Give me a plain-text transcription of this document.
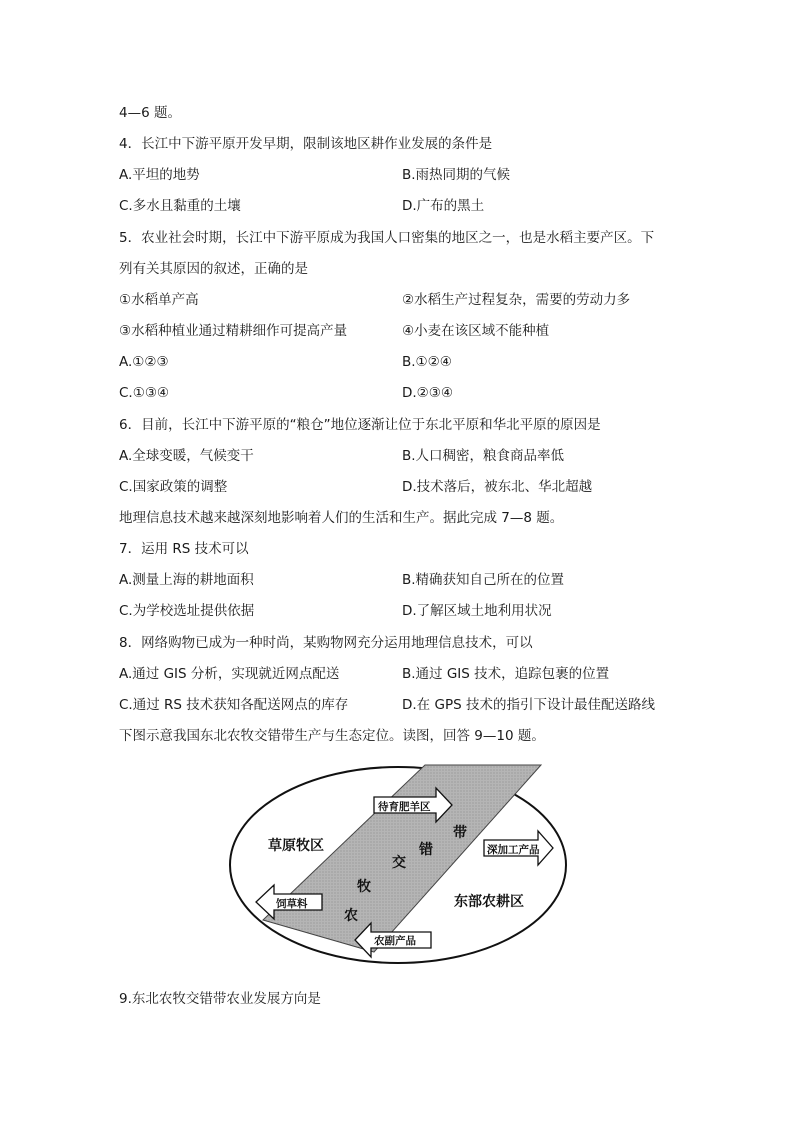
4—6 题。
4．长江中下游平原开发早期，限制该地区耕作业发展的条件是
A.平坦的地势	B.雨热同期的气候
C.多水且黏重的土壤	D.广布的黑土
5．农业社会时期，长江中下游平原成为我国人口密集的地区之一，也是水稻主要产区。下
列有关其原因的叙述，正确的是
①水稻单产高	②水稻生产过程复杂，需要的劳动力多
③水稻种植业通过精耕细作可提高产量	④小麦在该区域不能种植
A.①②③	B.①②④
C.①③④	D.②③④
6．目前，长江中下游平原的“粮仓”地位逐渐让位于东北平原和华北平原的原因是
A.全球变暖，气候变干	B.人口稠密，粮食商品率低
C.国家政策的调整	D.技术落后，被东北、华北超越
地理信息技术越来越深刻地影响着人们的生活和生产。据此完成 7—8 题。
7．运用 RS 技术可以
A.测量上海的耕地面积	B.精确获知自己所在的位置
C.为学校选址提供依据	D.了解区域土地利用状况
8．网络购物已成为一种时尚，某购物网充分运用地理信息技术，可以
A.通过 GIS 分析，实现就近网点配送	B.通过 GIS 技术，追踪包裹的位置
C.通过 RS 技术获知各配送网点的库存	D.在 GPS 技术的指引下设计最佳配送路线
下图示意我国东北农牧交错带生产与生态定位。读图，回答 9—10 题。
农
牧
交
错
带
草原牧区
东部农耕区
待育肥羊区
深加工产品
饲草料
农副产品
9.东北农牧交错带农业发展方向是
